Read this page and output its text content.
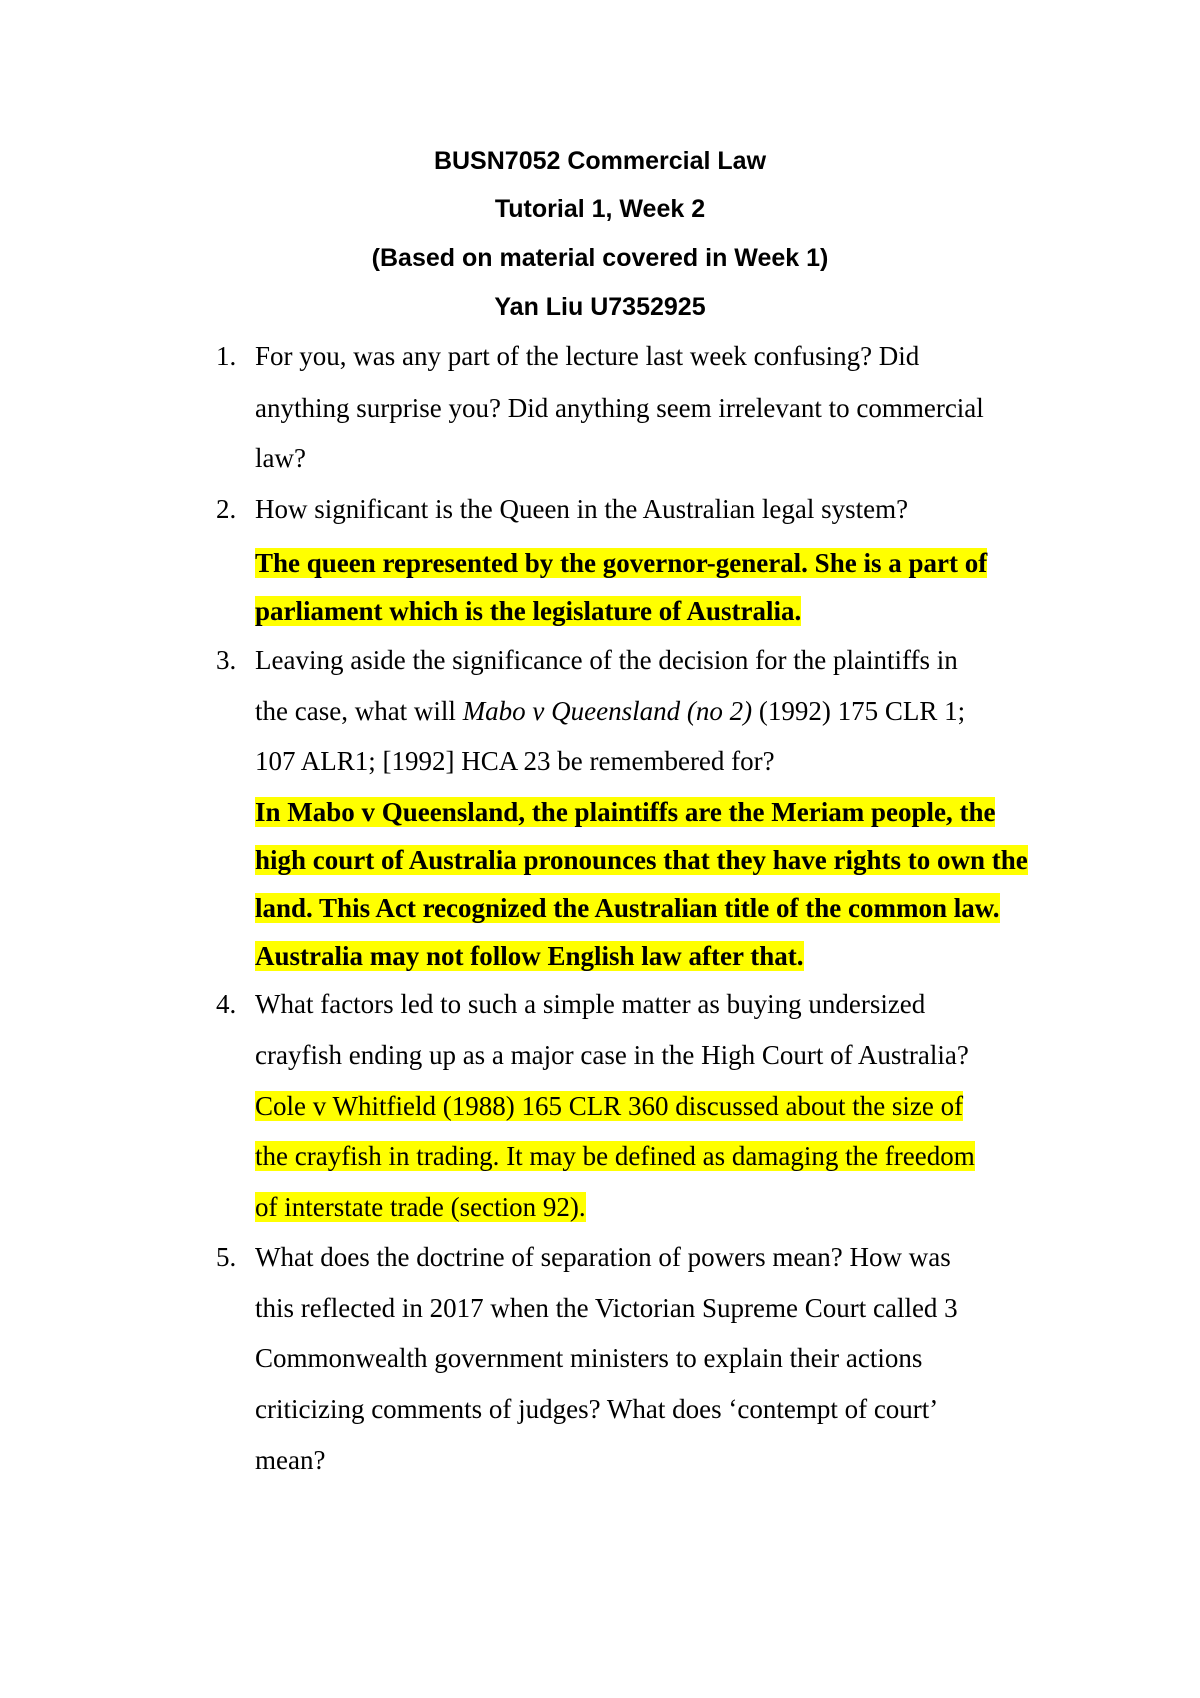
BUSN7052 Commercial Law
Tutorial 1, Week 2
(Based on material covered in Week 1)
Yan Liu U7352925
1. For you, was any part of the lecture last week confusing? Did
anything surprise you? Did anything seem irrelevant to commercial
law?
2. How significant is the Queen in the Australian legal system?
The queen represented by the governor-general. She is a part of
parliament which is the legislature of Australia.
3. Leaving aside the significance of the decision for the plaintiffs in
the case, what will Mabo v Queensland (no 2) (1992) 175 CLR 1;
107 ALR1; [1992] HCA 23 be remembered for?
In Mabo v Queensland, the plaintiffs are the Meriam people, the
high court of Australia pronounces that they have rights to own the
land. This Act recognized the Australian title of the common law.
Australia may not follow English law after that.
4. What factors led to such a simple matter as buying undersized
crayfish ending up as a major case in the High Court of Australia?
Cole v Whitfield (1988) 165 CLR 360 discussed about the size of
the crayfish in trading. It may be defined as damaging the freedom
of interstate trade (section 92).
5. What does the doctrine of separation of powers mean? How was
this reflected in 2017 when the Victorian Supreme Court called 3
Commonwealth government ministers to explain their actions
criticizing comments of judges? What does ‘contempt of court’
mean?
